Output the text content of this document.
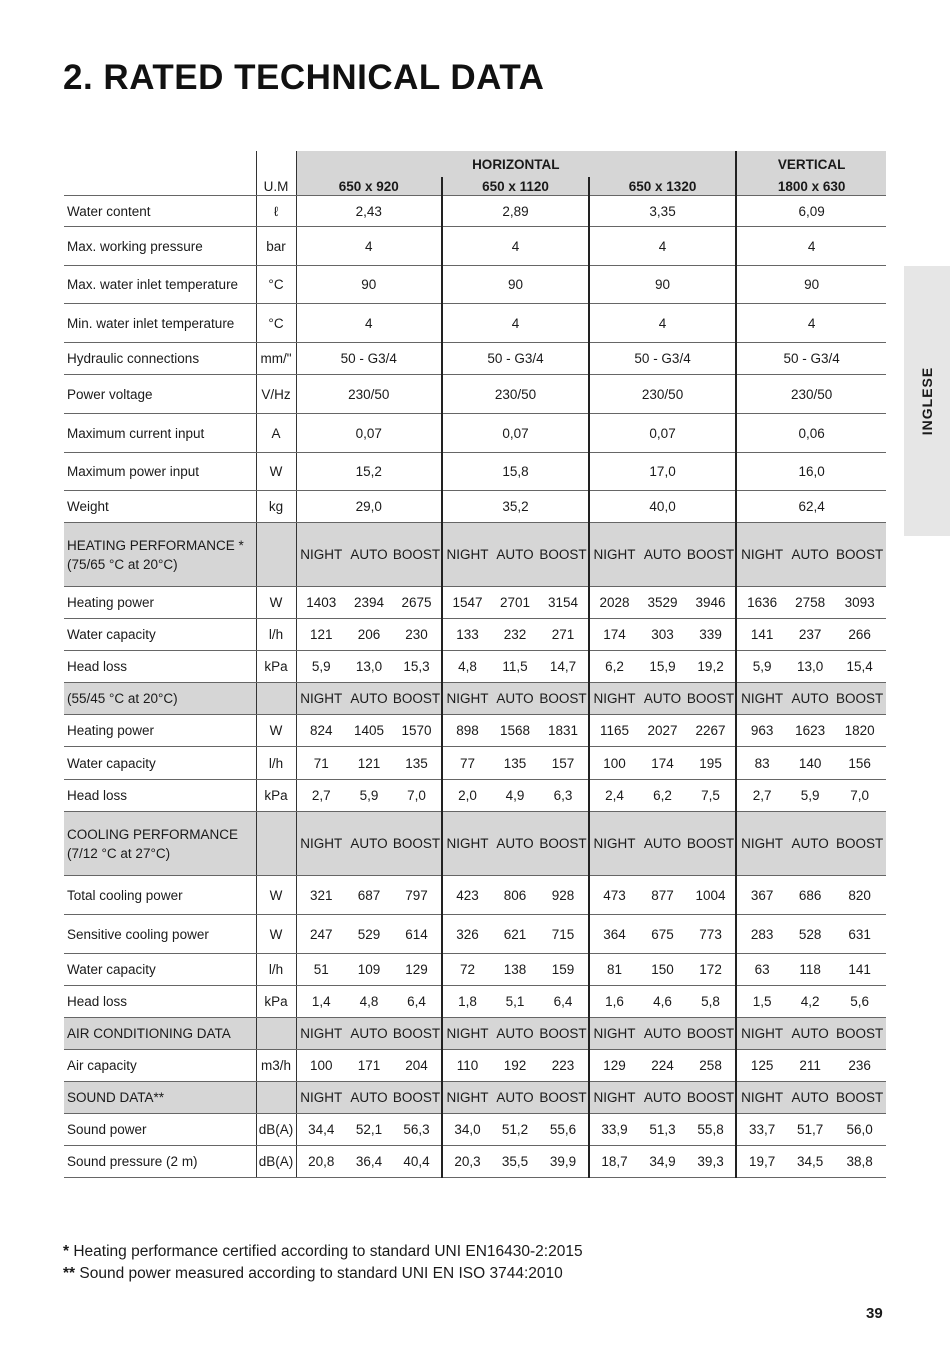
2. RATED TECHNICAL DATA
INGLESE
		HORIZONTAL									VERTICAL		
	U.M	650 x 920			650 x 1120			650 x 1320			1800 x 630		
Water content	ℓ	2,43			2,89			3,35			6,09		
Max. working pressure	bar	4			4			4			4		
Max. water inlet temperature	°C	90			90			90			90		
Min. water inlet temperature	°C	4			4			4			4		
Hydraulic connections	mm/"	50 - G3/4			50 - G3/4			50 - G3/4			50 - G3/4		
Power voltage	V/Hz	230/50			230/50			230/50			230/50		
Maximum current input	A	0,07			0,07			0,07			0,06		
Maximum power input	W	15,2			15,8			17,0			16,0		
Weight	kg	29,0			35,2			40,0			62,4		

HEATING PERFORMANCE *
(75/65 °C at 20°C)		NIGHT	AUTO	BOOST	NIGHT	AUTO	BOOST	NIGHT	AUTO	BOOST	NIGHT	AUTO	BOOST
Heating power	W	1403	2394	2675	1547	2701	3154	2028	3529	3946	1636	2758	3093
Water capacity	l/h	121	206	230	133	232	271	174	303	339	141	237	266
Head loss	kPa	5,9	13,0	15,3	4,8	11,5	14,7	6,2	15,9	19,2	5,9	13,0	15,4

(55/45 °C at 20°C)		NIGHT	AUTO	BOOST	NIGHT	AUTO	BOOST	NIGHT	AUTO	BOOST	NIGHT	AUTO	BOOST
Heating power	W	824	1405	1570	898	1568	1831	1165	2027	2267	963	1623	1820
Water capacity	l/h	71	121	135	77	135	157	100	174	195	83	140	156
Head loss	kPa	2,7	5,9	7,0	2,0	4,9	6,3	2,4	6,2	7,5	2,7	5,9	7,0

COOLING PERFORMANCE
(7/12 °C at 27°C)		NIGHT	AUTO	BOOST	NIGHT	AUTO	BOOST	NIGHT	AUTO	BOOST	NIGHT	AUTO	BOOST
Total cooling power	W	321	687	797	423	806	928	473	877	1004	367	686	820
Sensitive cooling power	W	247	529	614	326	621	715	364	675	773	283	528	631
Water capacity	l/h	51	109	129	72	138	159	81	150	172	63	118	141
Head loss	kPa	1,4	4,8	6,4	1,8	5,1	6,4	1,6	4,6	5,8	1,5	4,2	5,6

AIR CONDITIONING DATA		NIGHT	AUTO	BOOST	NIGHT	AUTO	BOOST	NIGHT	AUTO	BOOST	NIGHT	AUTO	BOOST
Air capacity	m3/h	100	171	204	110	192	223	129	224	258	125	211	236

SOUND DATA**		NIGHT	AUTO	BOOST	NIGHT	AUTO	BOOST	NIGHT	AUTO	BOOST	NIGHT	AUTO	BOOST
Sound power	dB(A)	34,4	52,1	56,3	34,0	51,2	55,6	33,9	51,3	55,8	33,7	51,7	56,0
Sound pressure (2 m)	dB(A)	20,8	36,4	40,4	20,3	35,5	39,9	18,7	34,9	39,3	19,7	34,5	38,8
* Heating performance certified according to standard UNI EN16430-2:2015
** Sound power measured according to standard UNI EN ISO 3744:2010
39
